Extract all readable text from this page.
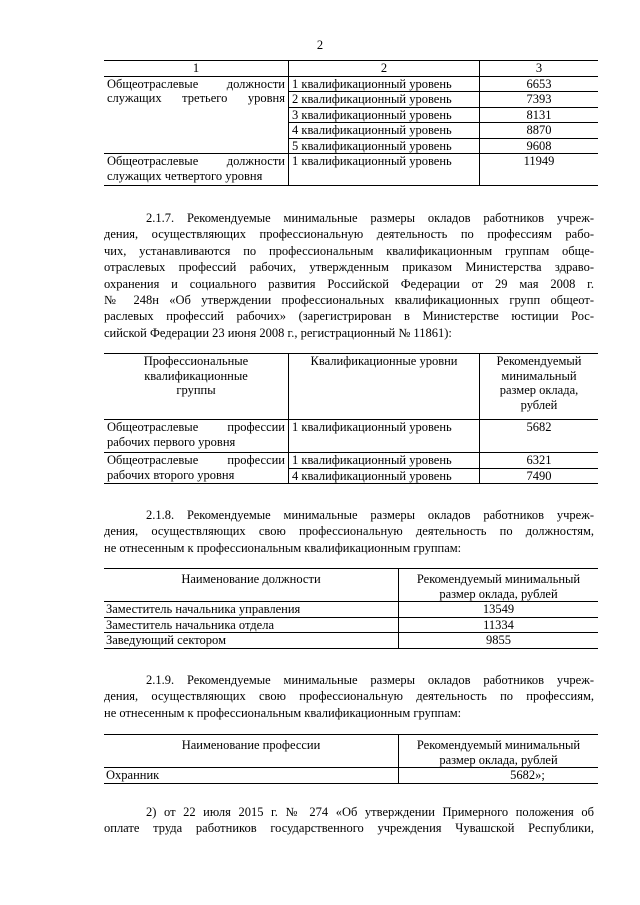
2
1	2	3

Общеотраслевые должности служащих третьего уровня	1 квалификационный уровень	6653
	2 квалификационный уровень	7393
	3 квалификационный уровень	8131
	4 квалификационный уровень	8870
	5 квалификационный уровень	9608

Общеотраслевые должности служащих четвертого уровня	1 квалификационный уровень	11949
2.1.7. Рекомендуемые минимальные размеры окладов работников учреж-
дения, осуществляющих профессиональную деятельность по профессиям рабо-
чих, устанавливаются по профессиональным квалификационным группам обще-
отраслевых профессий рабочих, утвержденным приказом Министерства здраво-
охранения и социального развития Российской Федерации от 29 мая 2008 г.
№ 248н «Об утверждении профессиональных квалификационных групп общеот-
раслевых профессий рабочих» (зарегистрирован в Министерстве юстиции Рос-
сийской Федерации 23 июня 2008 г., регистрационный № 11861):
Профессиональные квалификационные группы	Квалификационные уровни	Рекомендуемый минимальный размер оклада, рублей

Общеотраслевые профессии рабочих первого уровня	1 квалификационный уровень	5682

Общеотраслевые профессии рабочих второго уровня	1 квалификационный уровень	6321
	4 квалификационный уровень	7490
2.1.8. Рекомендуемые минимальные размеры окладов работников учреж-
дения, осуществляющих свою профессиональную деятельность по должностям,
не отнесенным к профессиональным квалификационным группам:
Наименование должности	Рекомендуемый минимальный
размер оклада, рублей

Заместитель начальника управления	13549
Заместитель начальника отдела	11334
Заведующий сектором	9855
2.1.9. Рекомендуемые минимальные размеры окладов работников учреж-
дения, осуществляющих свою профессиональную деятельность по профессиям,
не отнесенным к профессиональным квалификационным группам:
Наименование профессии	Рекомендуемый минимальный
размер оклада, рублей

Охранник	5682»;
2) от 22 июля 2015 г. № 274 «Об утверждении Примерного положения об
оплате труда работников государственного учреждения Чувашской Республики,
